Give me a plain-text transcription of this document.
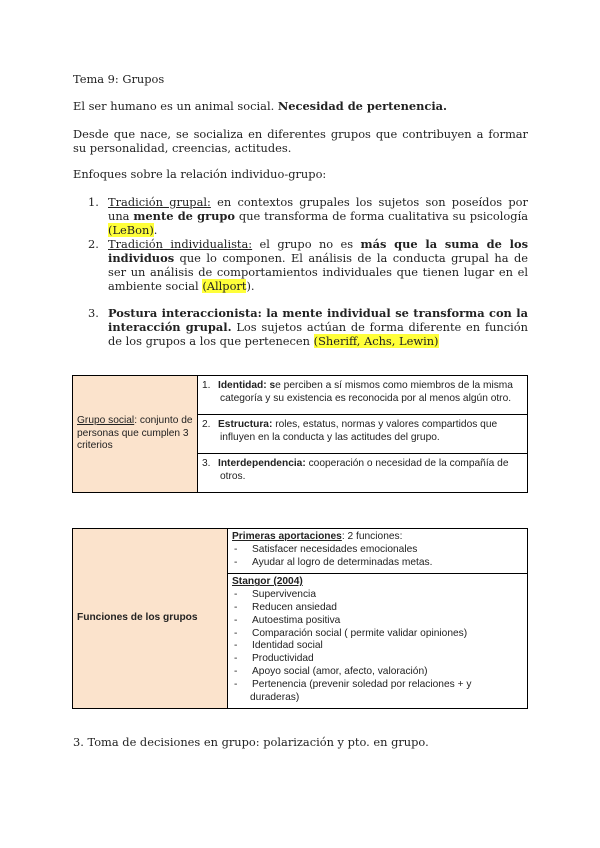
Tema 9: Grupos
El ser humano es un animal social. Necesidad de pertenencia.
Desde que nace, se socializa en diferentes grupos que contribuyen a formar su personalidad, creencias, actitudes.
Enfoques sobre la relación individuo-grupo:
1. Tradición grupal: en contextos grupales los sujetos son poseídos por una mente de grupo que transforma de forma cualitativa su psicología (LeBon).
2. Tradición individualista: el grupo no es más que la suma de los individuos que lo componen. El análisis de la conducta grupal ha de ser un análisis de comportamientos individuales que tienen lugar en el ambiente social (Allport).
3. Postura interaccionista: la mente individual se transforma con la interacción grupal. Los sujetos actúan de forma diferente en función de los grupos a los que pertenecen (Sheriff, Achs, Lewin)
Grupo social: conjunto de personas que cumplen 3 criterios	1. Identidad: se perciben a sí mismos como miembros de la misma categoría y su existencia es reconocida por al menos algún otro.
2. Estructura: roles, estatus, normas y valores compartidos que influyen en la conducta y las actitudes del grupo.
3. Interdependencia: cooperación o necesidad de la compañía de otros.
Funciones de los grupos	
Primeras aportaciones: 2 funciones:
- Satisfacer necesidades emocionales
- Ayudar al logro de determinadas metas.

Stangor (2004)
- Supervivencia
- Reducen ansiedad
- Autoestima positiva
- Comparación social ( permite validar opiniones)
- Identidad social
- Productividad
- Apoyo social (amor, afecto, valoración)
- Pertenencia (prevenir soledad por relaciones + y duraderas)
3. Toma de decisiones en grupo: polarización y pto. en grupo.
